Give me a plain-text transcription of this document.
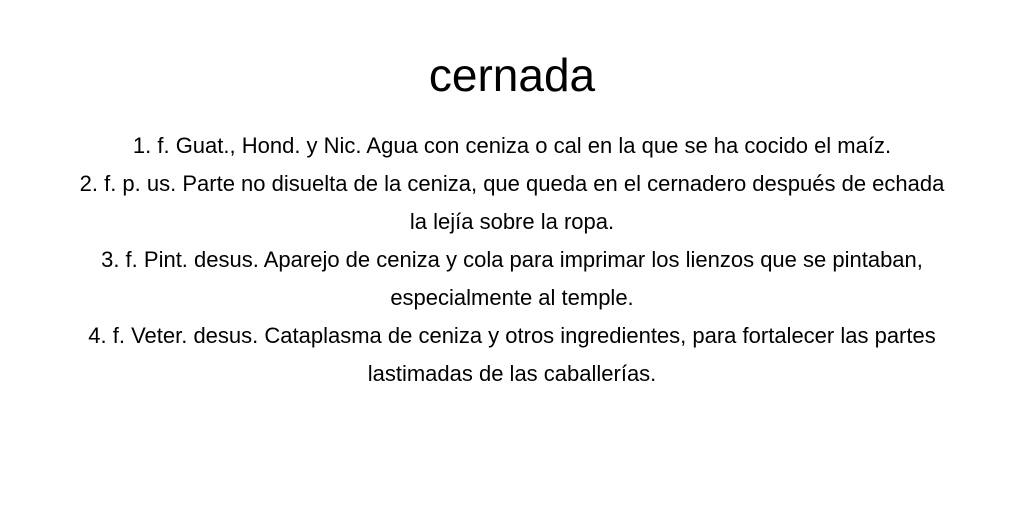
cernada
1. f. Guat., Hond. y Nic. Agua con ceniza o cal en la que se ha cocido el maíz.
2. f. p. us. Parte no disuelta de la ceniza, que queda en el cernadero después de echada la lejía sobre la ropa.
3. f. Pint. desus. Aparejo de ceniza y cola para imprimar los lienzos que se pintaban, especialmente al temple.
4. f. Veter. desus. Cataplasma de ceniza y otros ingredientes, para fortalecer las partes lastimadas de las caballerías.
